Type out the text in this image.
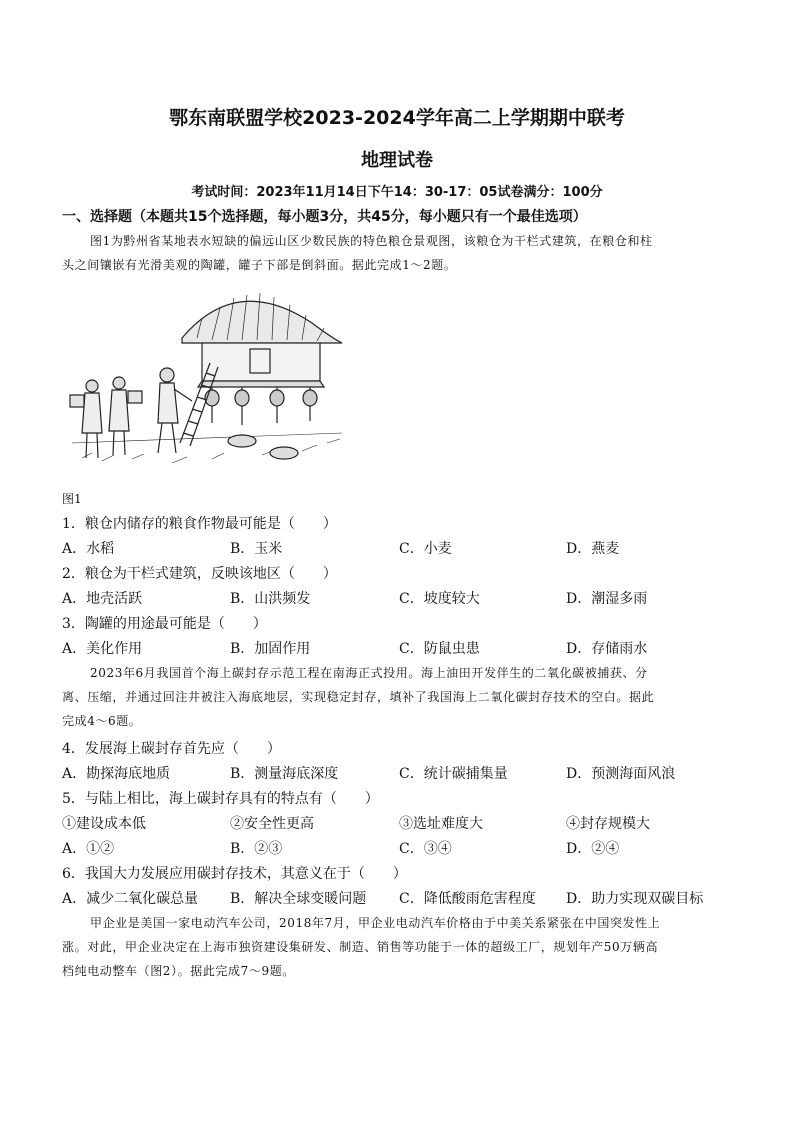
鄂东南联盟学校2023-2024学年高二上学期期中联考
地理试卷
考试时间：2023年11月14日下午14：30-17：05试卷满分：100分
一、选择题（本题共15个选择题，每小题3分，共45分，每小题只有一个最佳选项）
图1为黔州省某地表水短缺的偏远山区少数民族的特色粮仓景观图，该粮仓为干栏式建筑，在粮仓和柱
头之间镶嵌有光滑美观的陶罐，罐子下部是倒斜面。据此完成1～2题。
图1
1．粮仓内储存的粮食作物最可能是（　　）
A．水稻	B．玉米	C．小麦	D．燕麦
2．粮仓为干栏式建筑，反映该地区（　　）
A．地壳活跃	B．山洪频发	C．坡度较大	D．潮湿多雨
3．陶罐的用途最可能是（　　）
A．美化作用	B．加固作用	C．防鼠虫患	D．存储雨水
2023年6月我国首个海上碳封存示范工程在南海正式投用。海上油田开发伴生的二氧化碳被捕获、分
离、压缩，并通过回注井被注入海底地层，实现稳定封存，填补了我国海上二氧化碳封存技术的空白。据此
完成4～6题。
4．发展海上碳封存首先应（　　）
A．勘探海底地质	B．测量海底深度	C．统计碳捕集量	D．预测海面风浪
5．与陆上相比，海上碳封存具有的特点有（　　）
①建设成本低	②安全性更高	③选址难度大	④封存规模大
A．①②	B．②③	C．③④	D．②④
6．我国大力发展应用碳封存技术，其意义在于（　　）
A．减少二氧化碳总量 B．解决全球变暖问题 C．降低酸雨危害程度 D．助力实现双碳目标
甲企业是美国一家电动汽车公司，2018年7月，甲企业电动汽车价格由于中美关系紧张在中国突发性上
涨。对此，甲企业决定在上海市独资建设集研发、制造、销售等功能于一体的超级工厂，规划年产50万辆高
档纯电动整车（图2）。据此完成7～9题。
